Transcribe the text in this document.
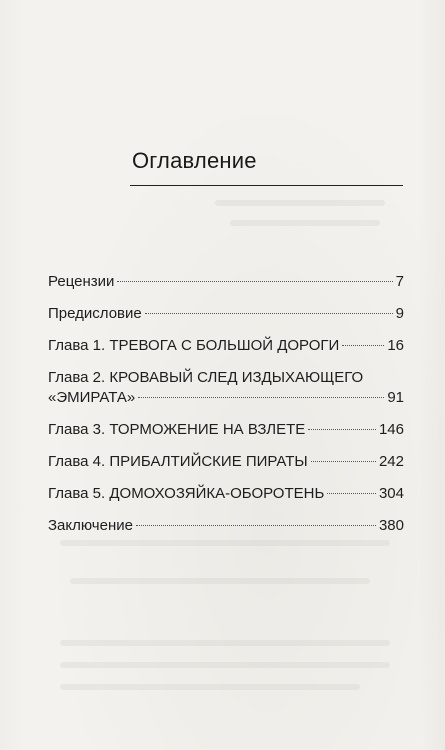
Оглавление
Рецензии	7
Предисловие	9
Глава 1. ТРЕВОГА С БОЛЬШОЙ ДОРОГИ	16
Глава 2. КРОВАВЫЙ СЛЕД ИЗДЫХАЮЩЕГО
«ЭМИРАТА»	91
Глава 3. ТОРМОЖЕНИЕ НА ВЗЛЕТЕ	146
Глава 4. ПРИБАЛТИЙСКИЕ ПИРАТЫ	242
Глава 5. ДОМОХОЗЯЙКА-ОБОРОТЕНЬ	304
Заключение	380
